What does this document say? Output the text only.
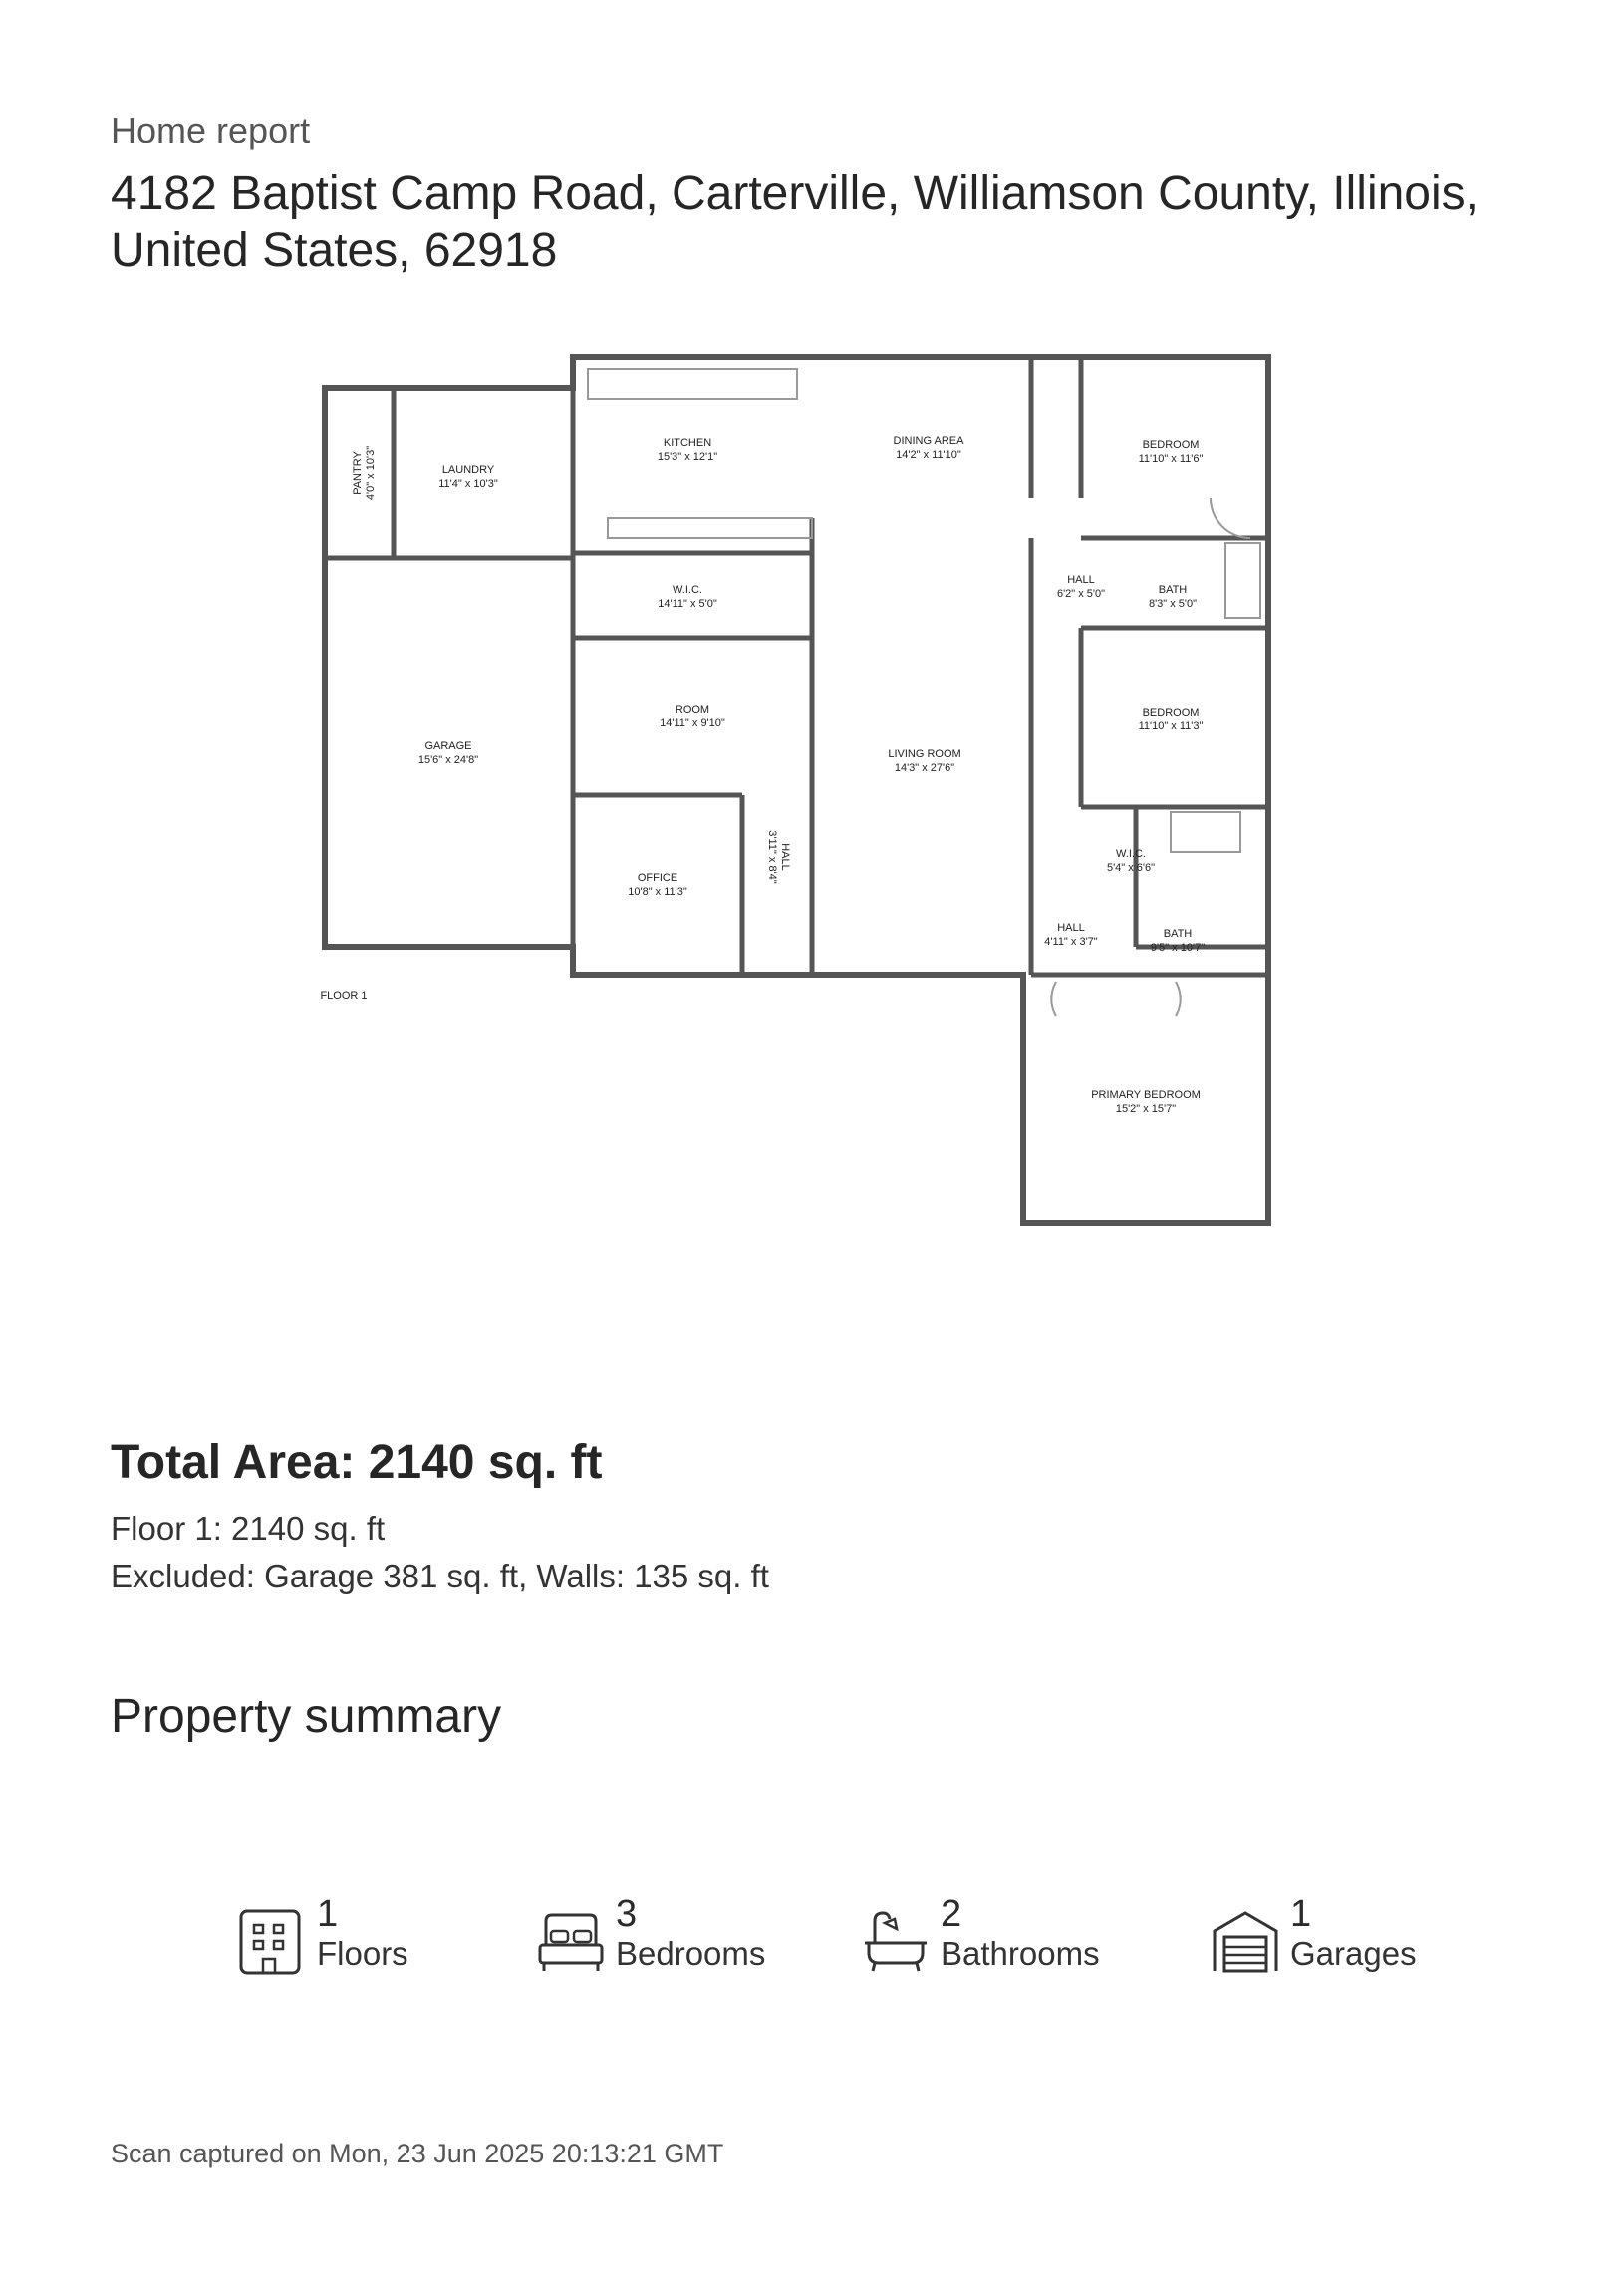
Home report
4182 Baptist Camp Road, Carterville, Williamson County, Illinois, United States, 62918
PANTRY4'0" x 10'3"	LAUNDRY 11'4" x 10'3"
KITCHEN 15'3" x 12'1"
DINING AREA 14'2" x 11'10"
BEDROOM 11'10" x 11'6"
W.I.C. 14'11" x 5'0"
HALL 6'2" x 5'0"	BATH 8'3" x 5'0"
GARAGE 15'6" x 24'8"
ROOM 14'11" x 9'10"
LIVING ROOM 14'3" x 27'6"
BEDROOM 11'10" x 11'3"
HALL3'11" x 8'4"
OFFICE 10'8" x 11'3"
W.I.C. 5'4" x 6'6"
HALL 4'11" x 3'7"
BATH 9'5" x 10'7"
PRIMARY BEDROOM 15'2" x 15'7"
FLOOR 1
Total Area: 2140 sq. ft
Floor 1: 2140 sq. ft
Excluded: Garage 381 sq. ft, Walls: 135 sq. ft
Property summary
1
Floors
3
Bedrooms
2
Bathrooms
1
Garages
Scan captured on Mon, 23 Jun 2025 20:13:21 GMT
